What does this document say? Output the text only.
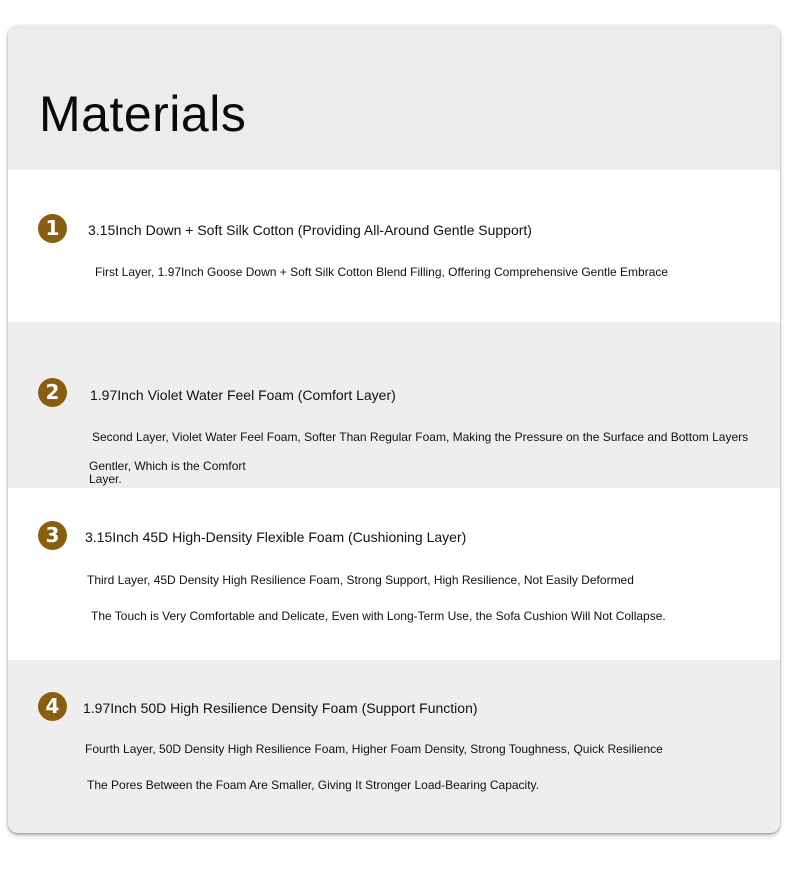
Materials
1	3.15Inch Down + Soft Silk Cotton (Providing All-Around Gentle Support)
First Layer, 1.97Inch Goose Down + Soft Silk Cotton Blend Filling, Offering Comprehensive Gentle Embrace
2	1.97Inch Violet Water Feel Foam (Comfort Layer)
Second Layer, Violet Water Feel Foam, Softer Than Regular Foam, Making the Pressure on the Surface and Bottom Layers
Gentler, Which is the Comfort
Layer.
3	3.15Inch 45D High-Density Flexible Foam (Cushioning Layer)
Third Layer, 45D Density High Resilience Foam, Strong Support, High Resilience, Not Easily Deformed
The Touch is Very Comfortable and Delicate, Even with Long-Term Use, the Sofa Cushion Will Not Collapse.
4	1.97Inch 50D High Resilience Density Foam (Support Function)
Fourth Layer, 50D Density High Resilience Foam, Higher Foam Density, Strong Toughness, Quick Resilience
The Pores Between the Foam Are Smaller, Giving It Stronger Load-Bearing Capacity.
